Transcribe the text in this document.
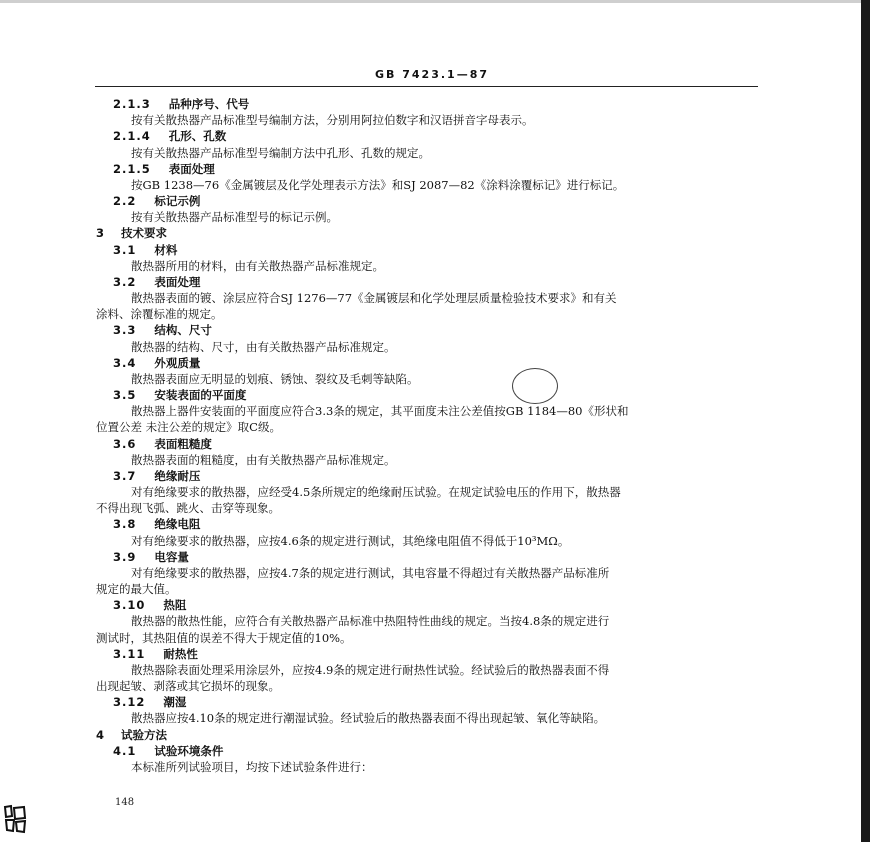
GB 7423.1—87
2.1.3 品种序号、代号
按有关散热器产品标准型号编制方法，分别用阿拉伯数字和汉语拼音字母表示。
2.1.4 孔形、孔数
按有关散热器产品标准型号编制方法中孔形、孔数的规定。
2.1.5 表面处理
按GB 1238—76《金属镀层及化学处理表示方法》和SJ 2087—82《涂料涂覆标记》进行标记。
2.2 标记示例
按有关散热器产品标准型号的标记示例。
3 技术要求
3.1 材料
散热器所用的材料，由有关散热器产品标准规定。
3.2 表面处理
散热器表面的镀、涂层应符合SJ 1276—77《金属镀层和化学处理层质量检验技术要求》和有关
涂料、涂覆标准的规定。
3.3 结构、尺寸
散热器的结构、尺寸，由有关散热器产品标准规定。
3.4 外观质量
散热器表面应无明显的划痕、锈蚀、裂纹及毛刺等缺陷。
3.5 安装表面的平面度
散热器上器件安装面的平面度应符合3.3条的规定，其平面度未注公差值按GB 1184—80《形状和
位置公差 未注公差的规定》取C级。
3.6 表面粗糙度
散热器表面的粗糙度，由有关散热器产品标准规定。
3.7 绝缘耐压
对有绝缘要求的散热器，应经受4.5条所规定的绝缘耐压试验。在规定试验电压的作用下，散热器
不得出现飞弧、跳火、击穿等现象。
3.8 绝缘电阻
对有绝缘要求的散热器，应按4.6条的规定进行测试，其绝缘电阻值不得低于10³MΩ。
3.9 电容量
对有绝缘要求的散热器，应按4.7条的规定进行测试，其电容量不得超过有关散热器产品标准所
规定的最大值。
3.10 热阻
散热器的散热性能，应符合有关散热器产品标准中热阻特性曲线的规定。当按4.8条的规定进行
测试时，其热阻值的误差不得大于规定值的10%。
3.11 耐热性
散热器除表面处理采用涂层外，应按4.9条的规定进行耐热性试验。经试验后的散热器表面不得
出现起皱、剥落或其它损坏的现象。
3.12 潮湿
散热器应按4.10条的规定进行潮湿试验。经试验后的散热器表面不得出现起皱、氧化等缺陷。
4 试验方法
4.1 试验环境条件
本标准所列试验项目，均按下述试验条件进行：
148
